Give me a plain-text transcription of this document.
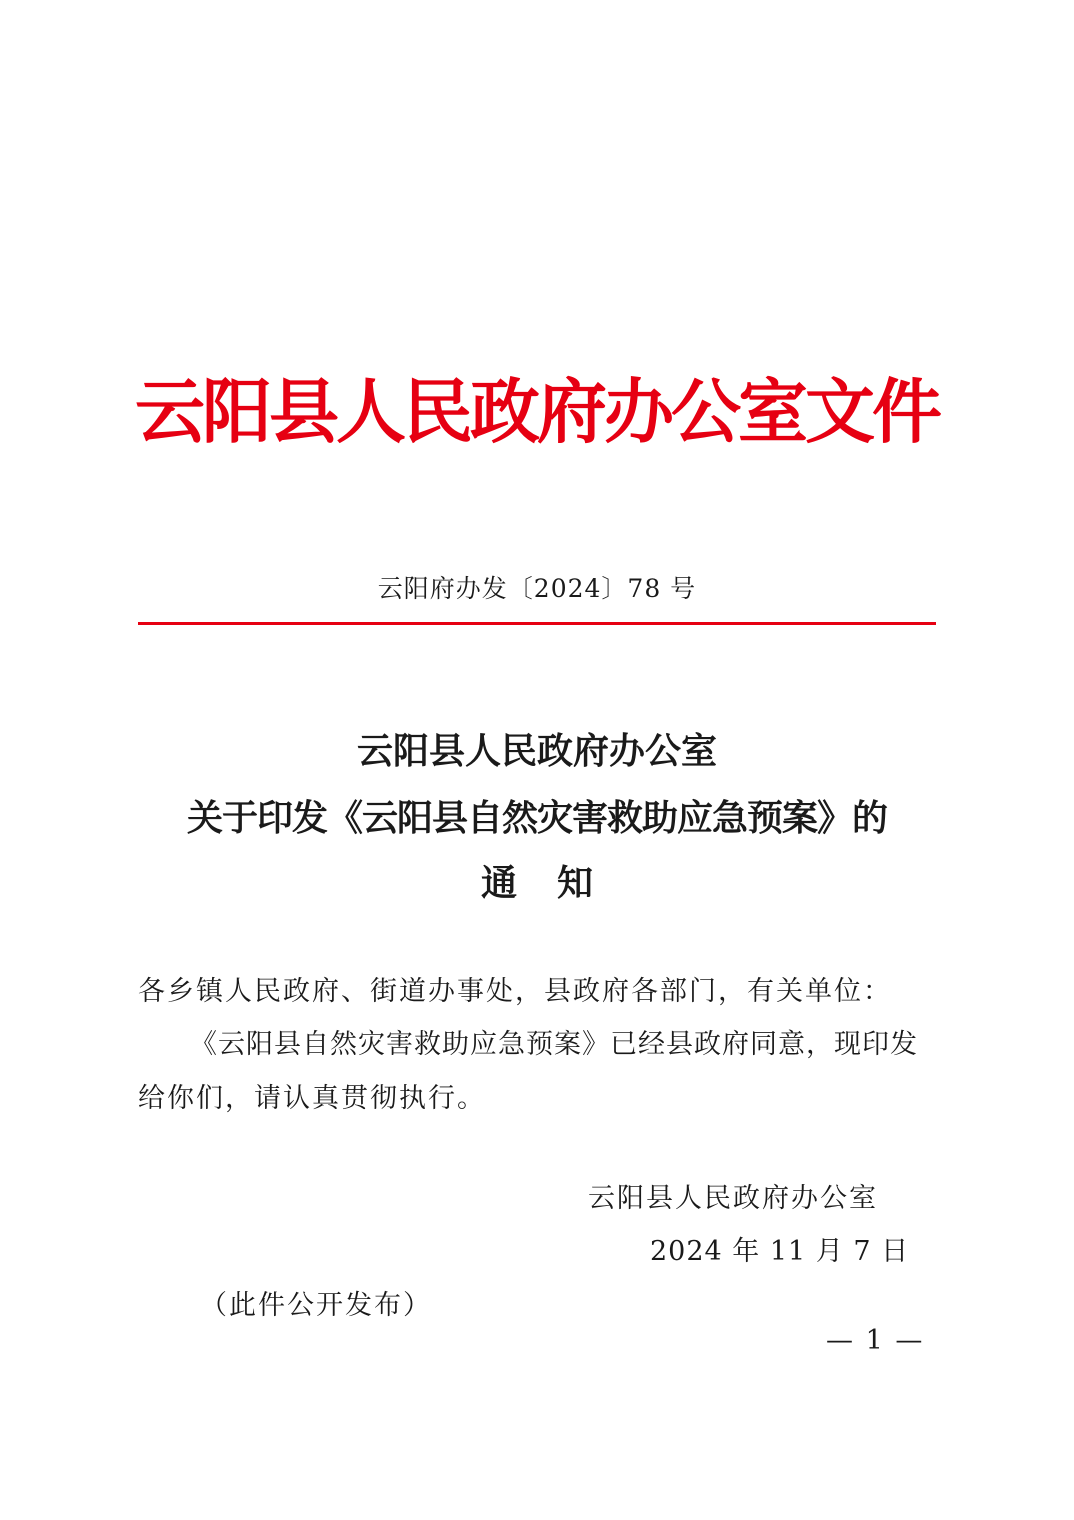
云阳县人民政府办公室文件
云阳府办发〔2024〕78 号
云阳县人民政府办公室
关于印发《云阳县自然灾害救助应急预案》的
通知
各乡镇人民政府、街道办事处，县政府各部门，有关单位：
《云阳县自然灾害救助应急预案》已经县政府同意，现印发
给你们，请认真贯彻执行。
云阳县人民政府办公室
2024 年 11 月 7 日
（此件公开发布）
— 1 —
